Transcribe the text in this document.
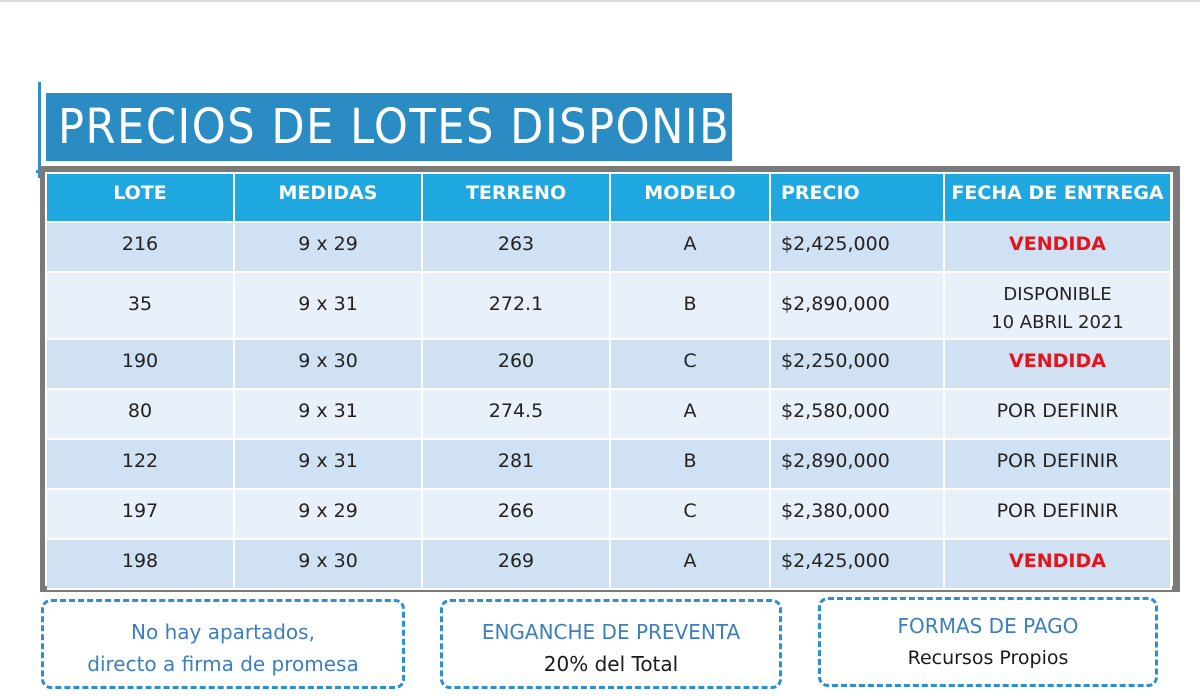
PRECIOS DE LOTES DISPONIBLES
LOTE	MEDIDAS	TERRENO	MODELO	PRECIO	FECHA DE ENTREGA
216	9 x 29	263	A	$2,425,000	VENDIDA
35	9 x 31	272.1	B	$2,890,000	DISPONIBLE
10 ABRIL 2021

190	9 x 30	260	C	$2,250,000	VENDIDA
80	9 x 31	274.5	A	$2,580,000	POR DEFINIR
122	9 x 31	281	B	$2,890,000	POR DEFINIR
197	9 x 29	266	C	$2,380,000	POR DEFINIR
198	9 x 30	269	A	$2,425,000	VENDIDA
No hay apartados,
directo a firma de promesa
ENGANCHE DE PREVENTA
20% del Total
FORMAS DE PAGO
Recursos Propios
